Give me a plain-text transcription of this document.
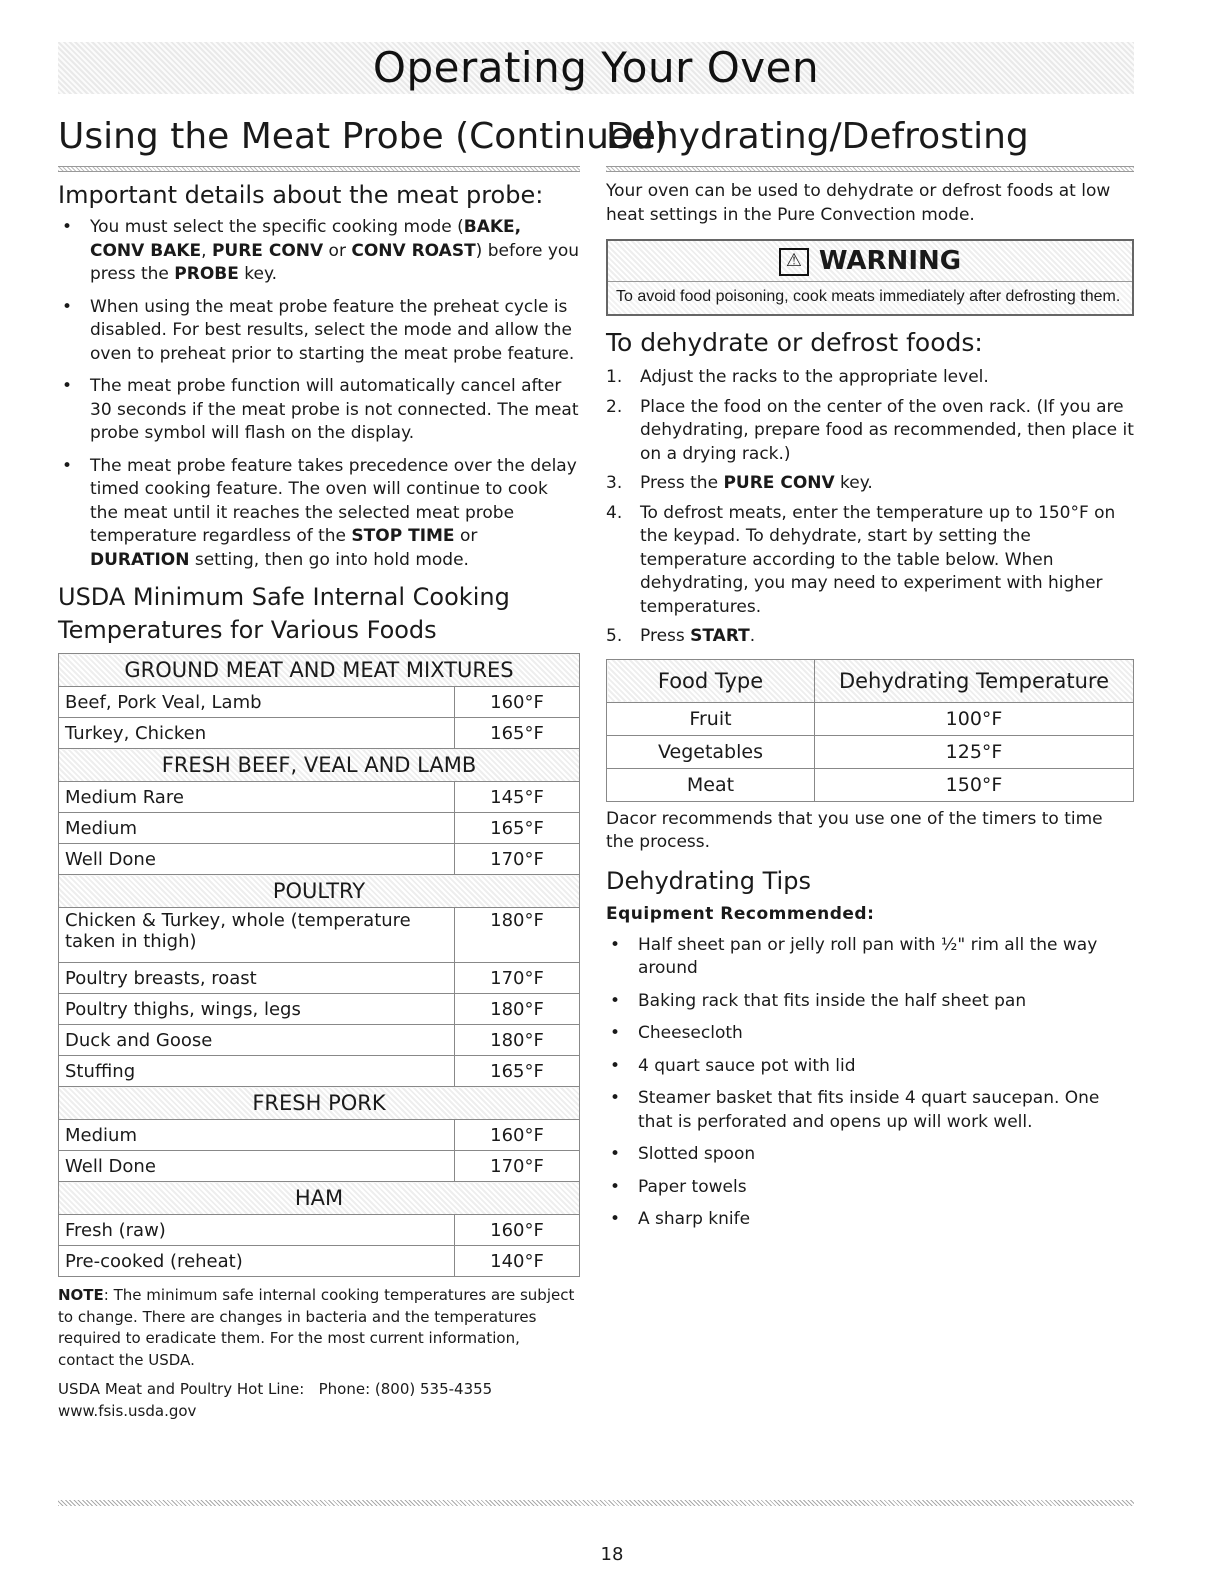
Operating Your Oven
Using the Meat Probe (Continued)
Important details about the meat probe:
• You must select the specific cooking mode (BAKE, CONV BAKE, PURE CONV or CONV ROAST) before you press the PROBE key.
• When using the meat probe feature the preheat cycle is disabled. For best results, select the mode and allow the oven to preheat prior to starting the meat probe feature.
• The meat probe function will automatically cancel after 30 seconds if the meat probe is not connected. The meat probe symbol will flash on the display.
• The meat probe feature takes precedence over the delay timed cooking feature. The oven will continue to cook the meat until it reaches the selected meat probe temperature regardless of the STOP TIME or DURATION setting, then go into hold mode.
USDA Minimum Safe Internal Cooking Temperatures for Various Foods
GROUND MEAT AND MEAT MIXTURES	
Beef, Pork Veal, Lamb	160°F
Turkey, Chicken	165°F
FRESH BEEF, VEAL AND LAMB	
Medium Rare	145°F
Medium	165°F
Well Done	170°F
POULTRY	
Chicken & Turkey, whole (temperature taken in thigh)	180°F
Poultry breasts, roast	170°F
Poultry thighs, wings, legs	180°F
Duck and Goose	180°F
Stuffing	165°F
FRESH PORK	
Medium	160°F
Well Done	170°F
HAM	
Fresh (raw)	160°F
Pre-cooked (reheat)	140°F

NOTE: The minimum safe internal cooking temperatures are subject to change. There are changes in bacteria and the temperatures required to eradicate them. For the most current information, contact the USDA.

USDA Meat and Poultry Hot Line: Phone: (800) 535-4355
www.fsis.usda.gov

Dehydrating/Defrosting

Your oven can be used to dehydrate or defrost foods at low heat settings in the Pure Convection mode.

⚠ WARNING
To avoid food poisoning, cook meats immediately after defrosting them.
To dehydrate or defrost foods:
1. Adjust the racks to the appropriate level.
2. Place the food on the center of the oven rack. (If you are dehydrating, prepare food as recommended, then place it on a drying rack.)
3. Press the PURE CONV key.
4. To defrost meats, enter the temperature up to 150°F on the keypad. To dehydrate, start by setting the temperature according to the table below. When dehydrating, you may need to experiment with higher temperatures.
5. Press START.
Food Type	Dehydrating Temperature
Fruit	100°F
Vegetables	125°F
Meat	150°F

Dacor recommends that you use one of the timers to time the process.

Dehydrating Tips
Equipment Recommended:
• Half sheet pan or jelly roll pan with ½" rim all the way around
• Baking rack that fits inside the half sheet pan
• Cheesecloth
• 4 quart sauce pot with lid
• Steamer basket that fits inside 4 quart saucepan. One that is perforated and opens up will work well.
• Slotted spoon
• Paper towels
• A sharp knife
18
